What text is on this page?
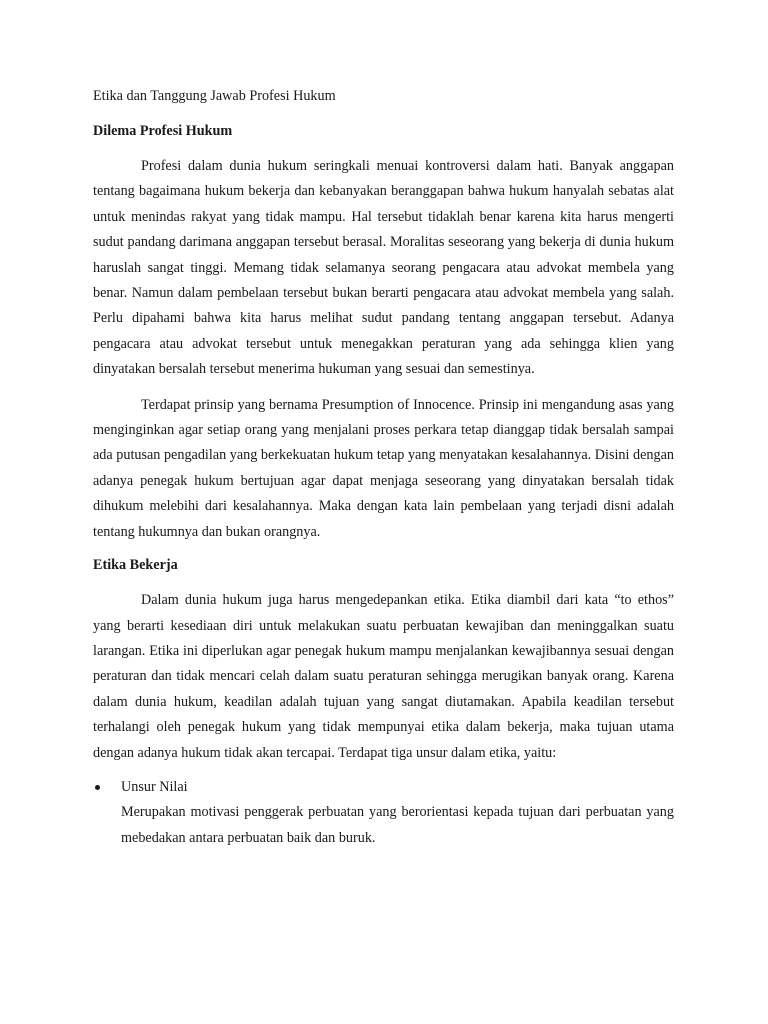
Etika dan Tanggung Jawab Profesi Hukum

Dilema Profesi Hukum

Profesi dalam dunia hukum seringkali menuai kontroversi dalam hati. Banyak anggapan tentang bagaimana hukum bekerja dan kebanyakan beranggapan bahwa hukum hanyalah sebatas alat untuk menindas rakyat yang tidak mampu. Hal tersebut tidaklah benar karena kita harus mengerti sudut pandang darimana anggapan tersebut berasal. Moralitas seseorang yang bekerja di dunia hukum haruslah sangat tinggi. Memang tidak selamanya seorang pengacara atau advokat membela yang benar. Namun dalam pembelaan tersebut bukan berarti pengacara atau advokat membela yang salah. Perlu dipahami bahwa kita harus melihat sudut pandang tentang anggapan tersebut. Adanya pengacara atau advokat tersebut untuk menegakkan peraturan yang ada sehingga klien yang dinyatakan bersalah tersebut menerima hukuman yang sesuai dan semestinya.

Terdapat prinsip yang bernama Presumption of Innocence. Prinsip ini mengandung asas yang menginginkan agar setiap orang yang menjalani proses perkara tetap dianggap tidak bersalah sampai ada putusan pengadilan yang berkekuatan hukum tetap yang menyatakan kesalahannya. Disini dengan adanya penegak hukum bertujuan agar dapat menjaga seseorang yang dinyatakan bersalah tidak dihukum melebihi dari kesalahannya. Maka dengan kata lain pembelaan yang terjadi disni adalah tentang hukumnya dan bukan orangnya.

Etika Bekerja

Dalam dunia hukum juga harus mengedepankan etika. Etika diambil dari kata “to ethos” yang berarti kesediaan diri untuk melakukan suatu perbuatan kewajiban dan meninggalkan suatu larangan. Etika ini diperlukan agar penegak hukum mampu menjalankan kewajibannya sesuai dengan peraturan dan tidak mencari celah dalam suatu peraturan sehingga merugikan banyak orang. Karena dalam dunia hukum, keadilan adalah tujuan yang sangat diutamakan. Apabila keadilan tersebut terhalangi oleh penegak hukum yang tidak mempunyai etika dalam bekerja, maka tujuan utama dengan adanya hukum tidak akan tercapai. Terdapat tiga unsur dalam etika, yaitu:

Unsur Nilai
Merupakan motivasi penggerak perbuatan yang berorientasi kepada tujuan dari perbuatan yang mebedakan antara perbuatan baik dan buruk.
